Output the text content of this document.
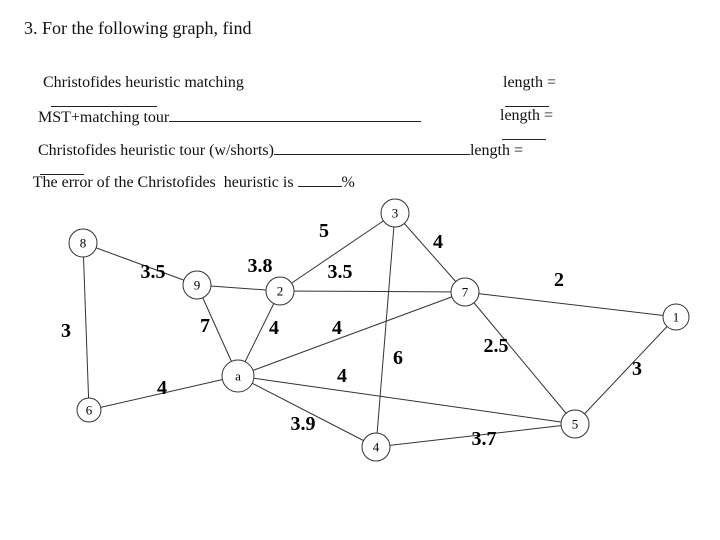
3. For the following graph, find

Christofides heuristic matching
	length =

MST+matching tour	length =

Christofides heuristic tour (w/shorts)	length =

The error of the Christofides  heuristic is	%

3.5
3
4
3.8
7	4
5
3.5
4
6
4
4
3.9
2
2.5
3
3.7
8
9	2
3
7
1
6
a
4
5
